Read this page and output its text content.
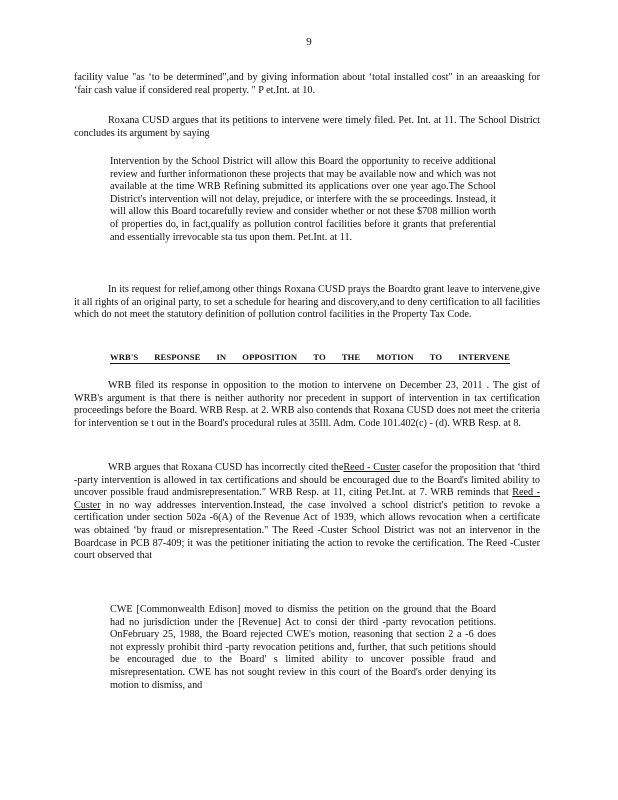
9

facility value "as ‘to be determined",and by giving information about ‘total installed cost" in an areaasking for ‘fair cash value if considered real property. " P et.Int. at 10.

Roxana CUSD argues that its petitions to intervene were timely filed. Pet. Int. at 11. The School District concludes its argument by saying

Intervention by the School District will allow this Board the opportunity to receive additional review and further informationon these projects that may be available now and which was not available at the time WRB Refining submitted its applications over one year ago.The School District's intervention will not delay, prejudice, or interfere with the se proceedings. Instead, it will allow this Board tocarefully review and consider whether or not these $708 million worth of properties do, in fact,qualify as pollution control facilities before it grants that preferential and essentially irrevocable sta tus upon them. Pet.Int. at 11.

In its request for relief,among other things Roxana CUSD prays the Boardto grant leave to intervene,give it all rights of an original party, to set a schedule for hearing and discovery,and to deny certification to all facilities which do not meet the statutory definition of pollution control facilities in the Property Tax Code.

WRB'S RESPONSE IN OPPOSITION TO THE MOTION TO INTERVENE

WRB filed its response in opposition to the motion to intervene on December 23, 2011 . The gist of WRB's argument is that there is neither authority nor precedent in support of intervention in tax certification proceedings before the Board. WRB Resp. at 2. WRB also contends that Roxana CUSD does not meet the criteria for intervention se t out in the Board's procedural rules at 35Ill. Adm. Code 101.402(c) - (d). WRB Resp. at 8.

WRB argues that Roxana CUSD has incorrectly cited theReed - Custer casefor the proposition that ‘third -party intervention is allowed in tax certifications and should be encouraged due to the Board's limited ability to uncover possible fraud andmisrepresentation." WRB Resp. at 11, citing Pet.Int. at 7. WRB reminds that Reed - Custer in no way addresses intervention.Instead, the case involved a school district's petition to revoke a certification under section 502a -6(A) of the Revenue Act of 1939, which allows revocation when a certificate was obtained ‘by fraud or misrepresentation." The Reed -Custer School District was not an intervenor in the Boardcase in PCB 87-409; it was the petitioner initiating the action to revoke the certification. The Reed -Custer court observed that

CWE [Commonwealth Edison] moved to dismiss the petition on the ground that the Board had no jurisdiction under the [Revenue] Act to consi der third -party revocation petitions. OnFebruary 25, 1988, the Board rejected CWE's motion, reasoning that section 2 a -6 does not expressly prohibit third -party revocation petitions and, further, that such petitions should be encouraged due to the Board' s limited ability to uncover possible fraud and misrepresentation. CWE has not sought review in this court of the Board's order denying its motion to dismiss, and
